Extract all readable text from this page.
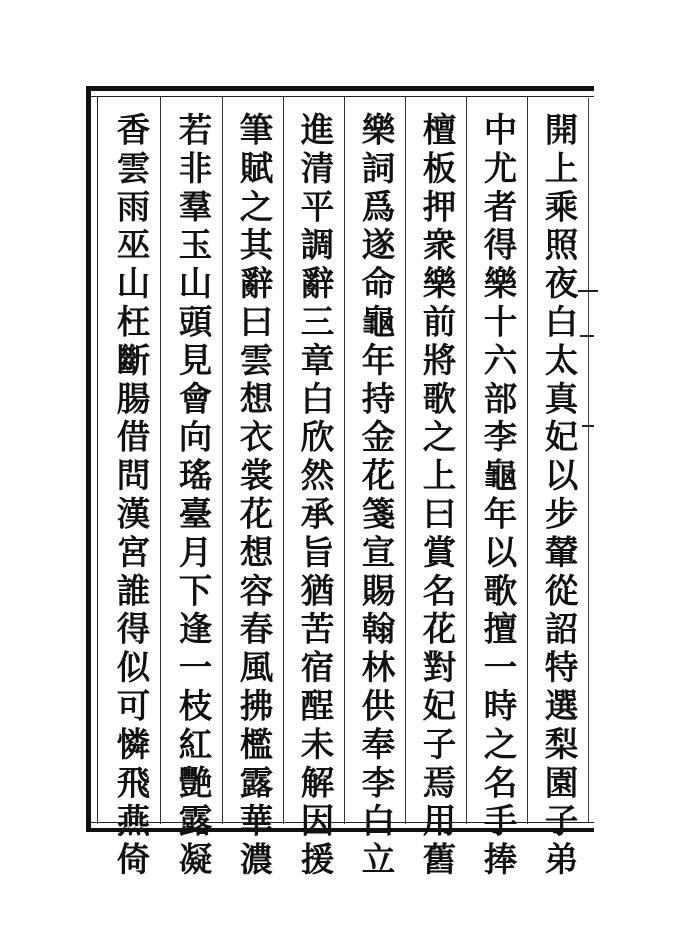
開上乘照夜白太真妃以步輦從詔特選梨園子弟
中尤者得樂十六部李龜年以歌擅一時之名手捧
檀板押衆樂前將歌之上曰賞名花對妃子焉用舊
樂詞爲遂命龜年持金花箋宣賜翰林供奉李白立
進清平調辭三章白欣然承旨猶苦宿酲未解因援
筆賦之其辭曰雲想衣裳花想容春風拂檻露華濃
若非羣玉山頭見會向瑤臺月下逢一枝紅艷露凝
香雲雨巫山枉斷腸借問漢宮誰得似可憐飛燕倚
